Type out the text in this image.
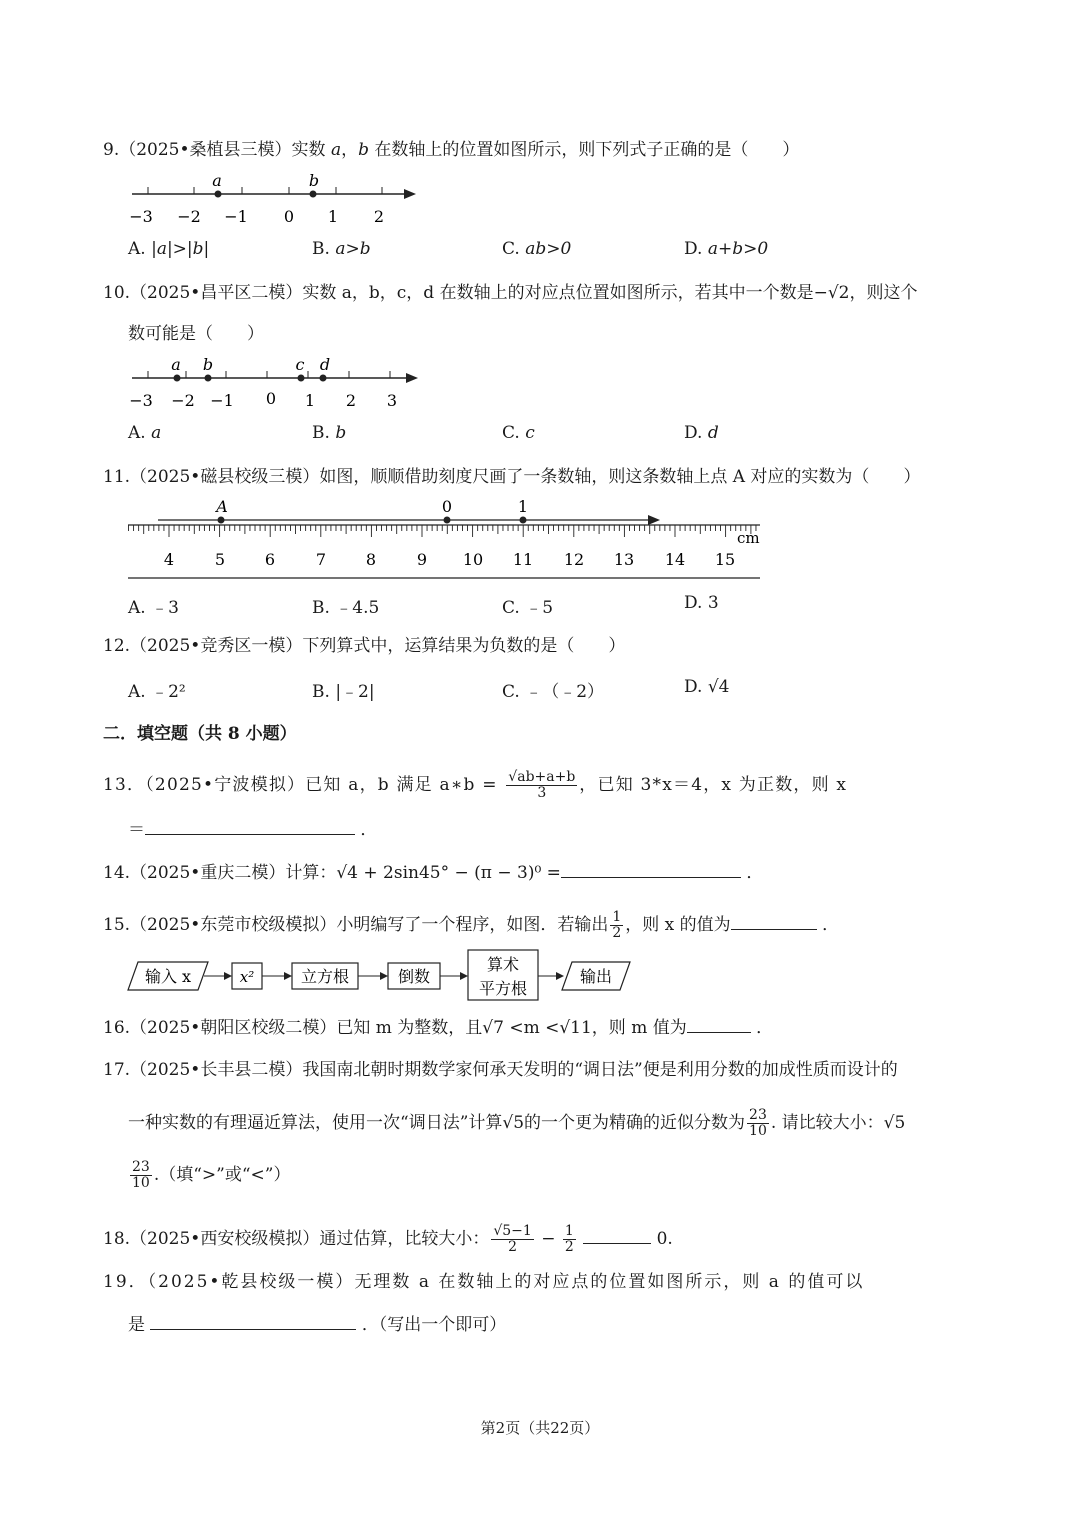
9.（2025•桑植县三模）实数 a，b 在数轴上的位置如图所示，则下列式子正确的是（ ）
a	b
−3 −2 −1 0 1 2
A. |a|>|b|	B. a>b	C. ab>0	D. a+b>0
10.（2025•昌平区二模）实数 a，b，c，d 在数轴上的对应点位置如图所示，若其中一个数是−√2，则这个
数可能是（ ）
a b	c d
−3 −2 −1 0 1 2 3
A. a	B. b	C. c	D. d
11.（2025•磁县校级三模）如图，顺顺借助刻度尺画了一条数轴，则这条数轴上点 A 对应的实数为（ ）
A	0	1
cm
4	5 6	7 8	9 10 11 12 13 14 15
A. ﹣3	B. ﹣4.5	C. ﹣5	D. 3
12.（2025•竞秀区一模）下列算式中，运算结果为负数的是（ ）
A. ﹣2²	B. |﹣2|	C. ﹣（﹣2）	D. √4
二．填空题（共 8 小题）
13．（2025•宁波模拟）已知 a，b 满足 a∗b = $\frac{√ab+a+b}{3}$ ，已知 3*x＝4，x 为正数，则 x
＝	．
14.（2025•重庆二模）计算：√4 + 2sin45° − (π − 3)⁰ =	．
15.（2025•东莞市校级模拟）小明编写了一个程序，如图．若输出 $\frac{1}{2}$ ，则 x 的值为	．
输入 x	x²	立方根	倒数
算术
平方根
输出
16.（2025•朝阳区校级二模）已知 m 为整数，且√7 <m <√11，则 m 值为	．
17.（2025•长丰县二模）我国南北朝时期数学家何承天发明的“调日法”便是利用分数的加成性质而设计的
一种实数的有理逼近算法，使用一次“调日法”计算√5的一个更为精确的近似分数为 $\frac{23}{10}$ . 请比较大小：√5
$\frac{23}{10}$ .（填“>”或“<”）
18.（2025•西安校级模拟）通过估算，比较大小： $\frac{√5-1}{2} - \frac{1}{2}$	0.
19．（2025•乾县校级一模）无理数 a 在数轴上的对应点的位置如图所示，则 a 的值可以
是	．（写出一个即可）
第2页（共22页）
